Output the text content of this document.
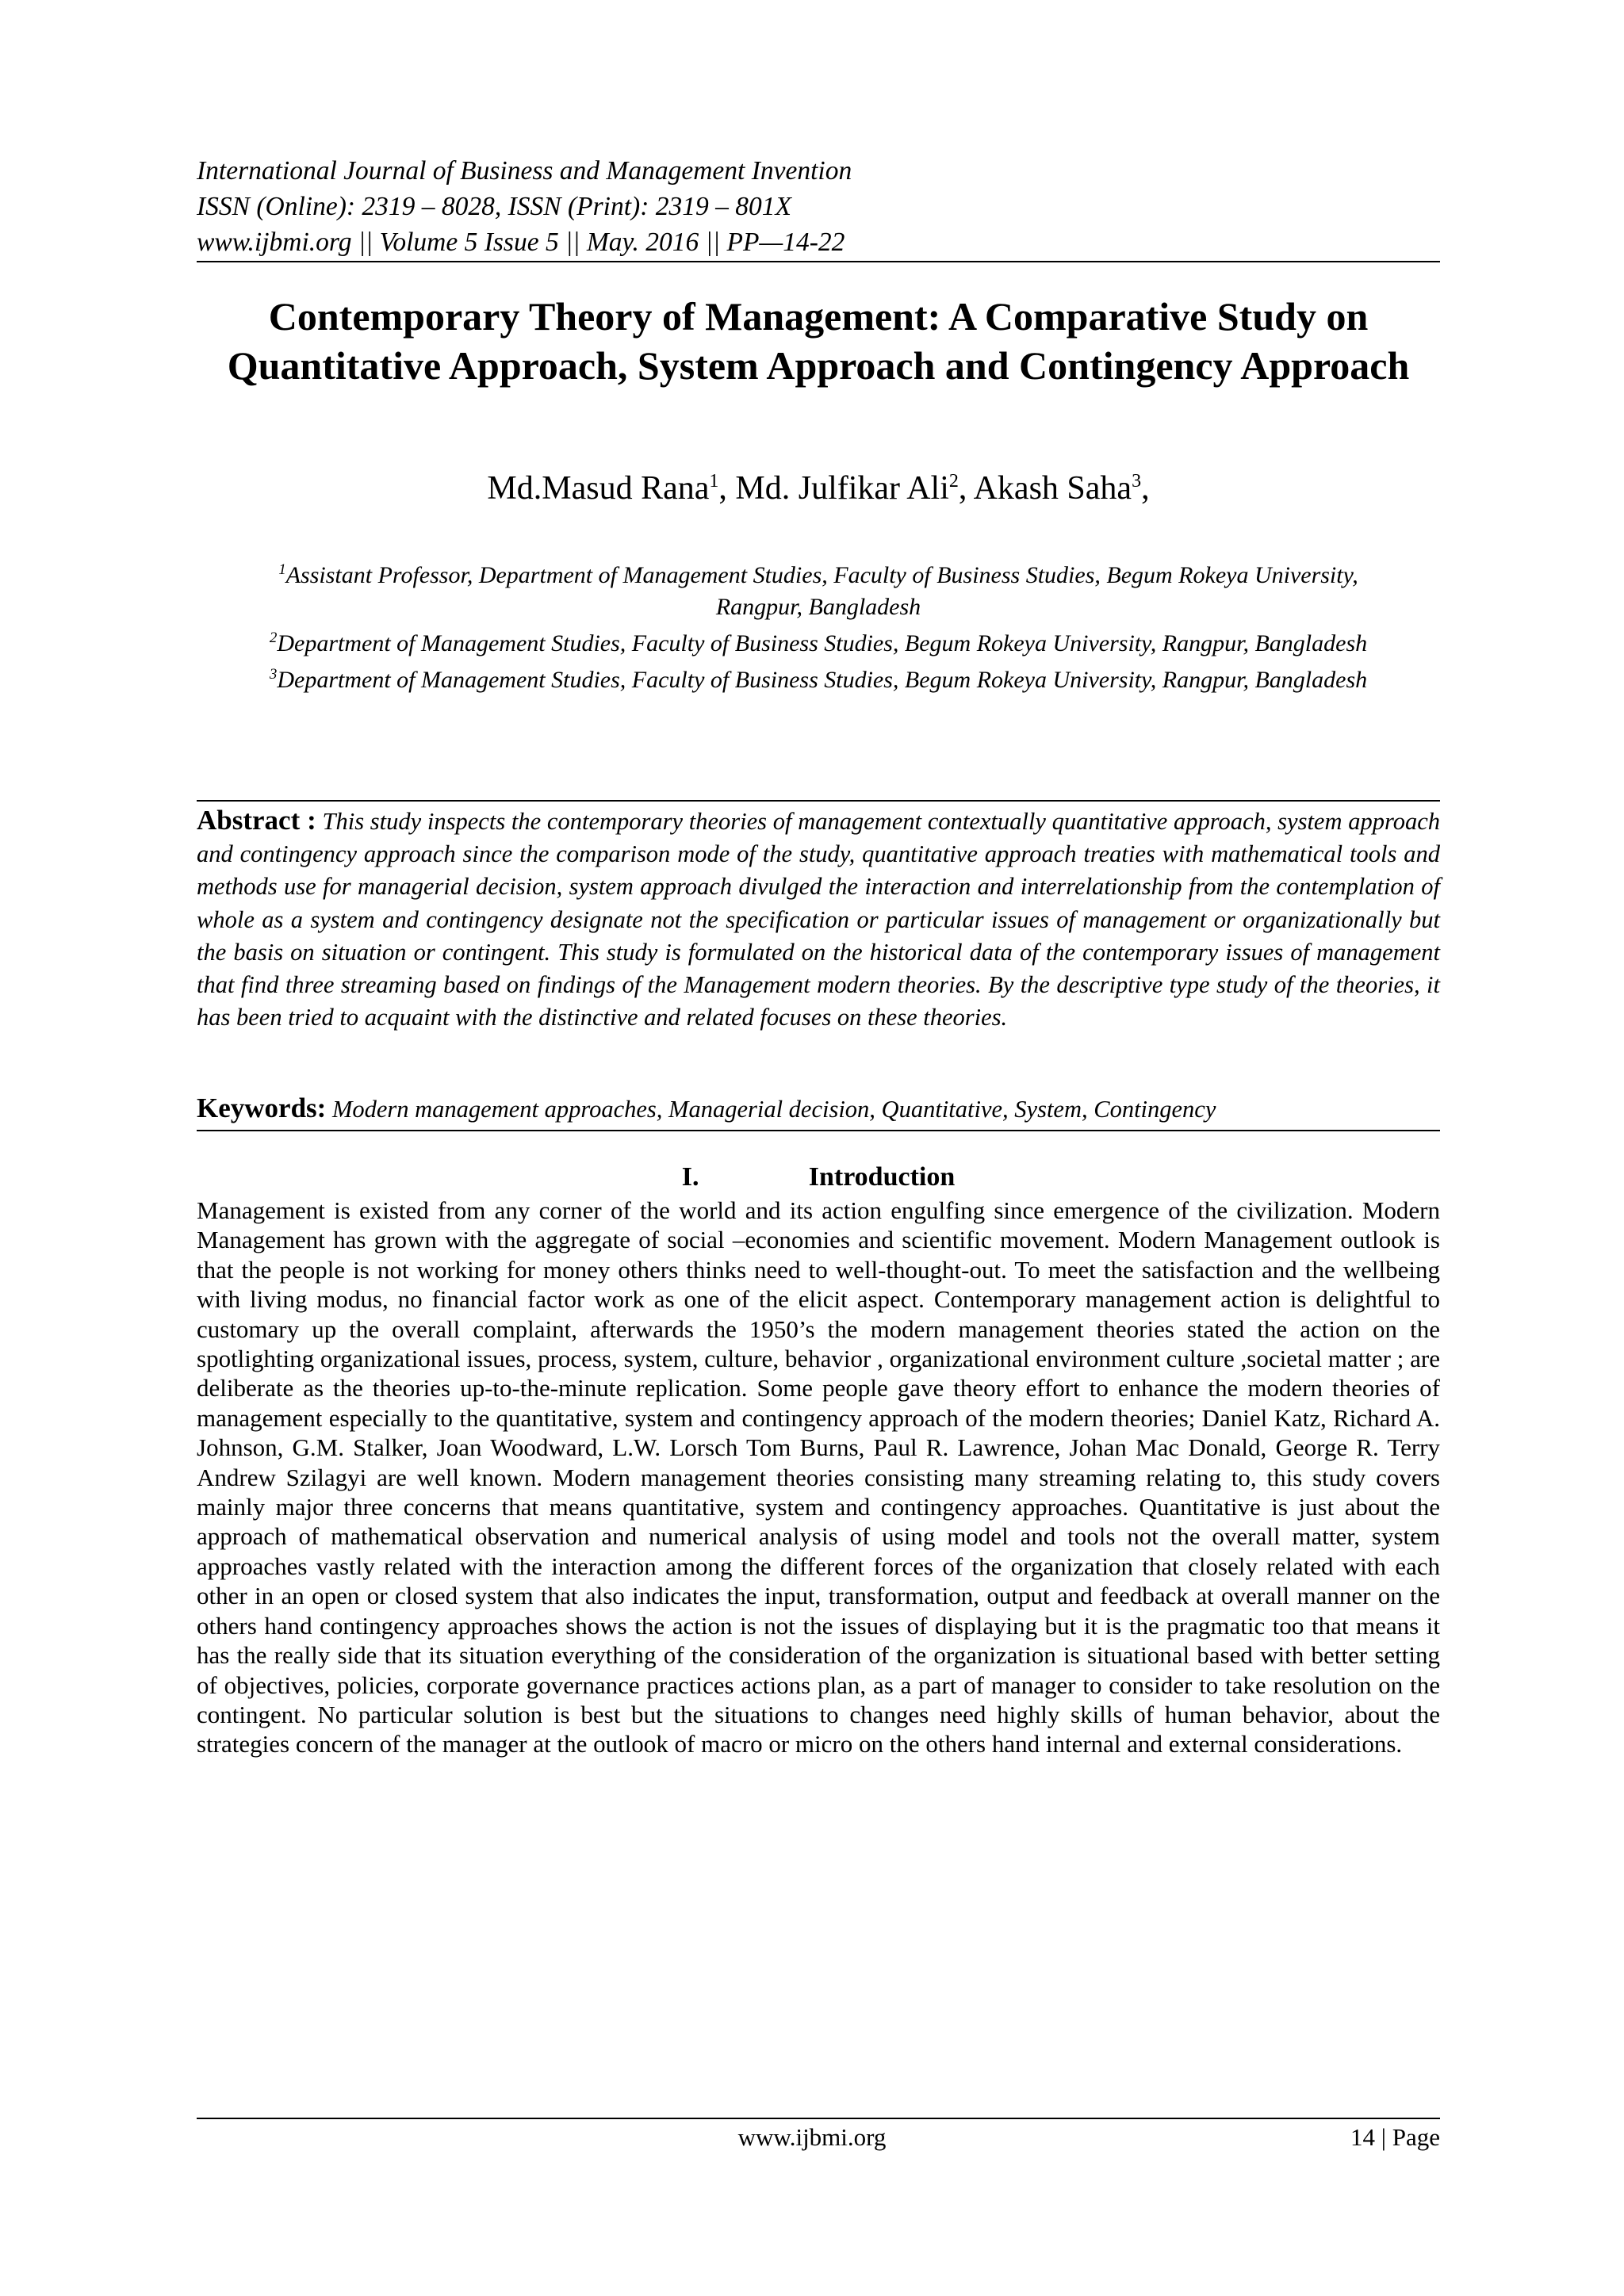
International Journal of Business and Management Invention
ISSN (Online): 2319 – 8028, ISSN (Print): 2319 – 801X
www.ijbmi.org || Volume 5 Issue 5 || May. 2016 || PP—14-22
Contemporary Theory of Management: A Comparative Study on Quantitative Approach, System Approach and Contingency Approach
Md.Masud Rana$^1$, Md. Julfikar Ali$^2$, Akash Saha$^3$,
$^1$Assistant Professor, Department of Management Studies, Faculty of Business Studies, Begum Rokeya University, Rangpur, Bangladesh
$^2$Department of Management Studies, Faculty of Business Studies, Begum Rokeya University, Rangpur, Bangladesh
$^3$Department of Management Studies, Faculty of Business Studies, Begum Rokeya University, Rangpur, Bangladesh
Abstract : This study inspects the contemporary theories of management contextually quantitative approach, system approach and contingency approach since the comparison mode of the study, quantitative approach treaties with mathematical tools and methods use for managerial decision, system approach divulged the interaction and interrelationship from the contemplation of whole as a system and contingency designate not the specification or particular issues of management or organizationally but the basis on situation or contingent. This study is formulated on the historical data of the contemporary issues of management that find three streaming based on findings of the Management modern theories. By the descriptive type study of the theories, it has been tried to acquaint with the distinctive and related focuses on these theories.
Keywords: Modern management approaches, Managerial decision, Quantitative, System, Contingency
I.	Introduction

Management is existed from any corner of the world and its action engulfing since emergence of the civilization. Modern Management has grown with the aggregate of social –economies and scientific movement. Modern Management outlook is that the people is not working for money others thinks need to well-thought-out. To meet the satisfaction and the wellbeing with living modus, no financial factor work as one of the elicit aspect. Contemporary management action is delightful to customary up the overall complaint, afterwards the 1950’s the modern management theories stated the action on the spotlighting organizational issues, process, system, culture, behavior , organizational environment culture ,societal matter ; are deliberate as the theories up-to-the-minute replication. Some people gave theory effort to enhance the modern theories of management especially to the quantitative, system and contingency approach of the modern theories; Daniel Katz, Richard A. Johnson, G.M. Stalker, Joan Woodward, L.W. Lorsch Tom Burns, Paul R. Lawrence, Johan Mac Donald, George R. Terry Andrew Szilagyi are well known. Modern management theories consisting many streaming relating to, this study covers mainly major three concerns that means quantitative, system and contingency approaches. Quantitative is just about the approach of mathematical observation and numerical analysis of using model and tools not the overall matter, system approaches vastly related with the interaction among the different forces of the organization that closely related with each other in an open or closed system that also indicates the input, transformation, output and feedback at overall manner on the others hand contingency approaches shows the action is not the issues of displaying but it is the pragmatic too that means it has the really side that its situation everything of the consideration of the organization is situational based with better setting of objectives, policies, corporate governance practices actions plan, as a part of manager to consider to take resolution on the contingent. No particular solution is best but the situations to changes need highly skills of human behavior, about the strategies concern of the manager at the outlook of macro or micro on the others hand internal and external considerations.

www.ijbmi.org	14 | Page
